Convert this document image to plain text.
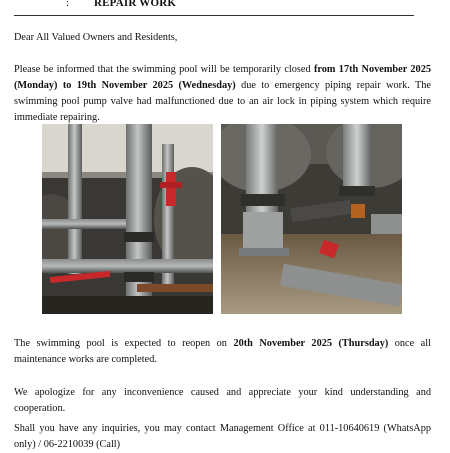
: REPAIR WORK

Dear All Valued Owners and Residents,

Please be informed that the swimming pool will be temporarily closed from 17th November 2025 (Monday) to 19th November 2025 (Wednesday) due to emergency piping repair work. The swimming pool pump valve had malfunctioned due to an air lock in piping system which require immediate repairing.

The swimming pool is expected to reopen on 20th November 2025 (Thursday) once all maintenance works are completed.

We apologize for any inconvenience caused and appreciate your kind understanding and cooperation.

Shall you have any inquiries, you may contact Management Office at 011-10640619 (WhatsApp only) / 06-2210039 (Call)
